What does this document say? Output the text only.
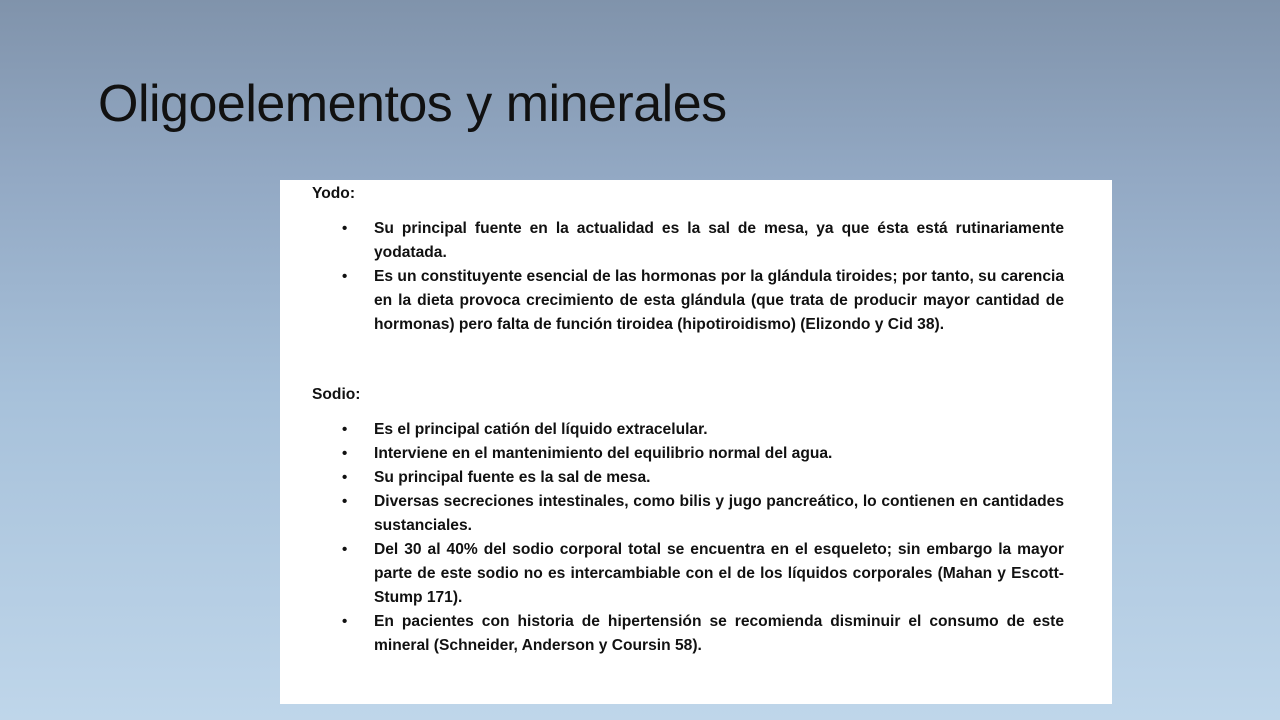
Oligoelementos y minerales

Yodo:

• Su principal fuente en la actualidad es la sal de mesa, ya que ésta está rutinariamente yodatada.
• Es un constituyente esencial de las hormonas por la glándula tiroides; por tanto, su carencia en la dieta provoca crecimiento de esta glándula (que trata de producir mayor cantidad de hormonas) pero falta de función tiroidea (hipotiroidismo) (Elizondo y Cid 38).

Sodio:

• Es el principal catión del líquido extracelular.
• Interviene en el mantenimiento del equilibrio normal del agua.
• Su principal fuente es la sal de mesa.
• Diversas secreciones intestinales, como bilis y jugo pancreático, lo contienen en cantidades sustanciales.
• Del 30 al 40% del sodio corporal total se encuentra en el esqueleto; sin embargo la mayor parte de este sodio no es intercambiable con el de los líquidos corporales (Mahan y Escott-Stump 171).
• En pacientes con historia de hipertensión se recomienda disminuir el consumo de este mineral (Schneider, Anderson y Coursin 58).
